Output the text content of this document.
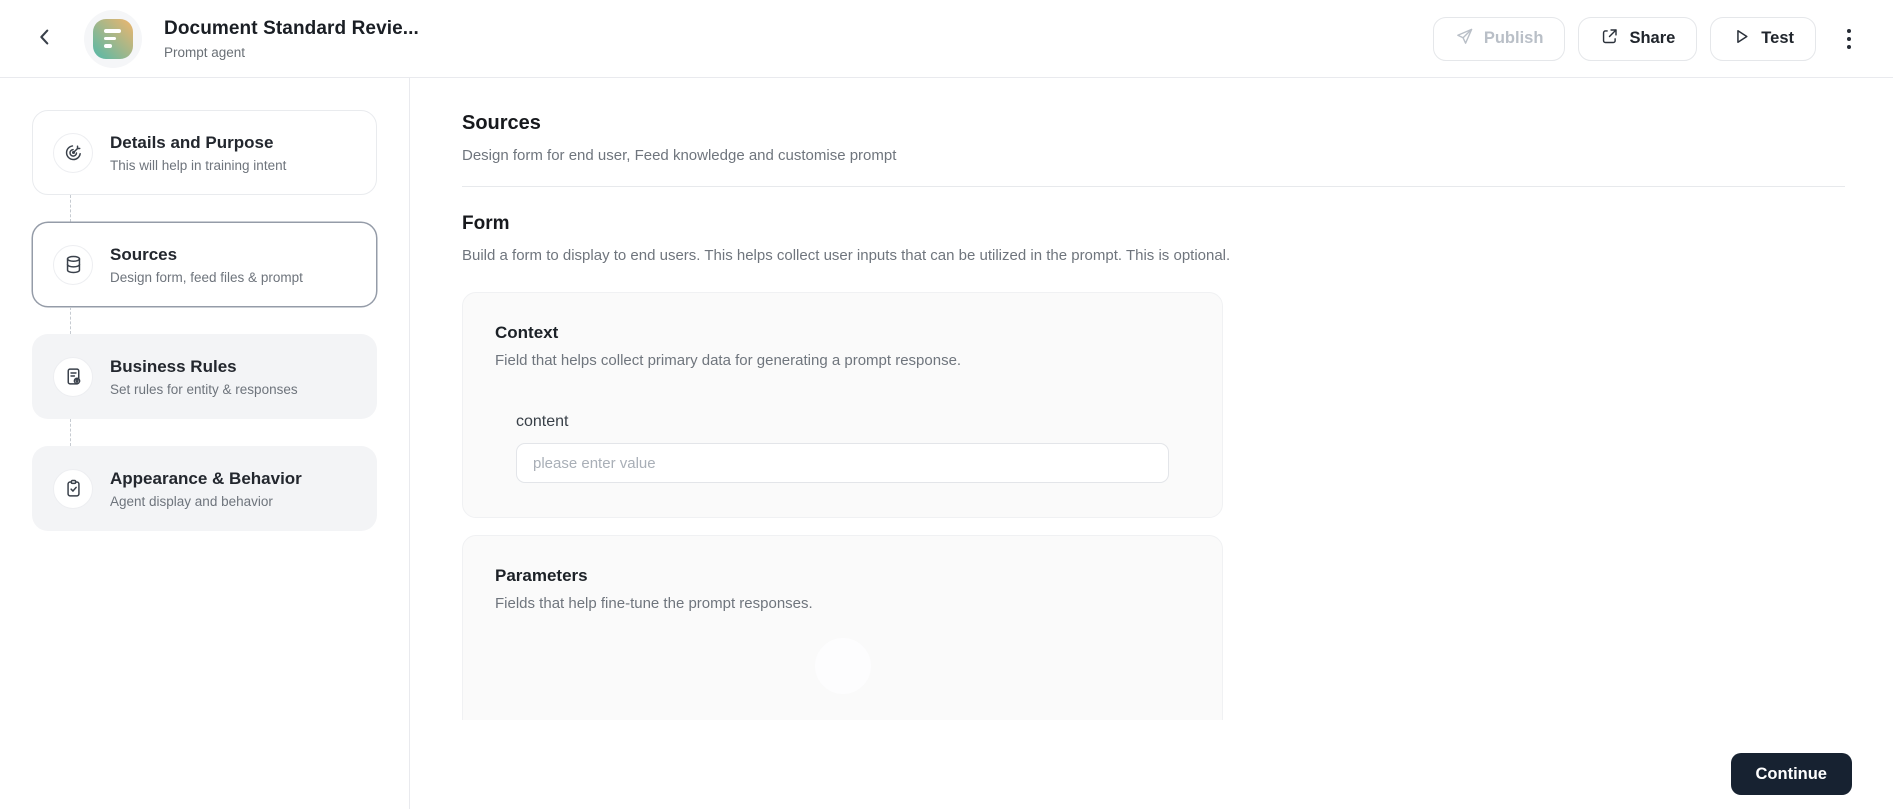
Document Standard Revie...
Prompt agent
Publish	Share	Test
Details and Purpose
This will help in training intent
Sources
Design form, feed files & prompt
Business Rules
Set rules for entity & responses
Appearance & Behavior
Agent display and behavior
Sources
Design form for end user, Feed knowledge and customise prompt
Form
Build a form to display to end users. This helps collect user inputs that can be utilized in the prompt. This is optional.
Context
Field that helps collect primary data for generating a prompt response.
content
please enter value
Parameters
Fields that help fine-tune the prompt responses.
Continue
